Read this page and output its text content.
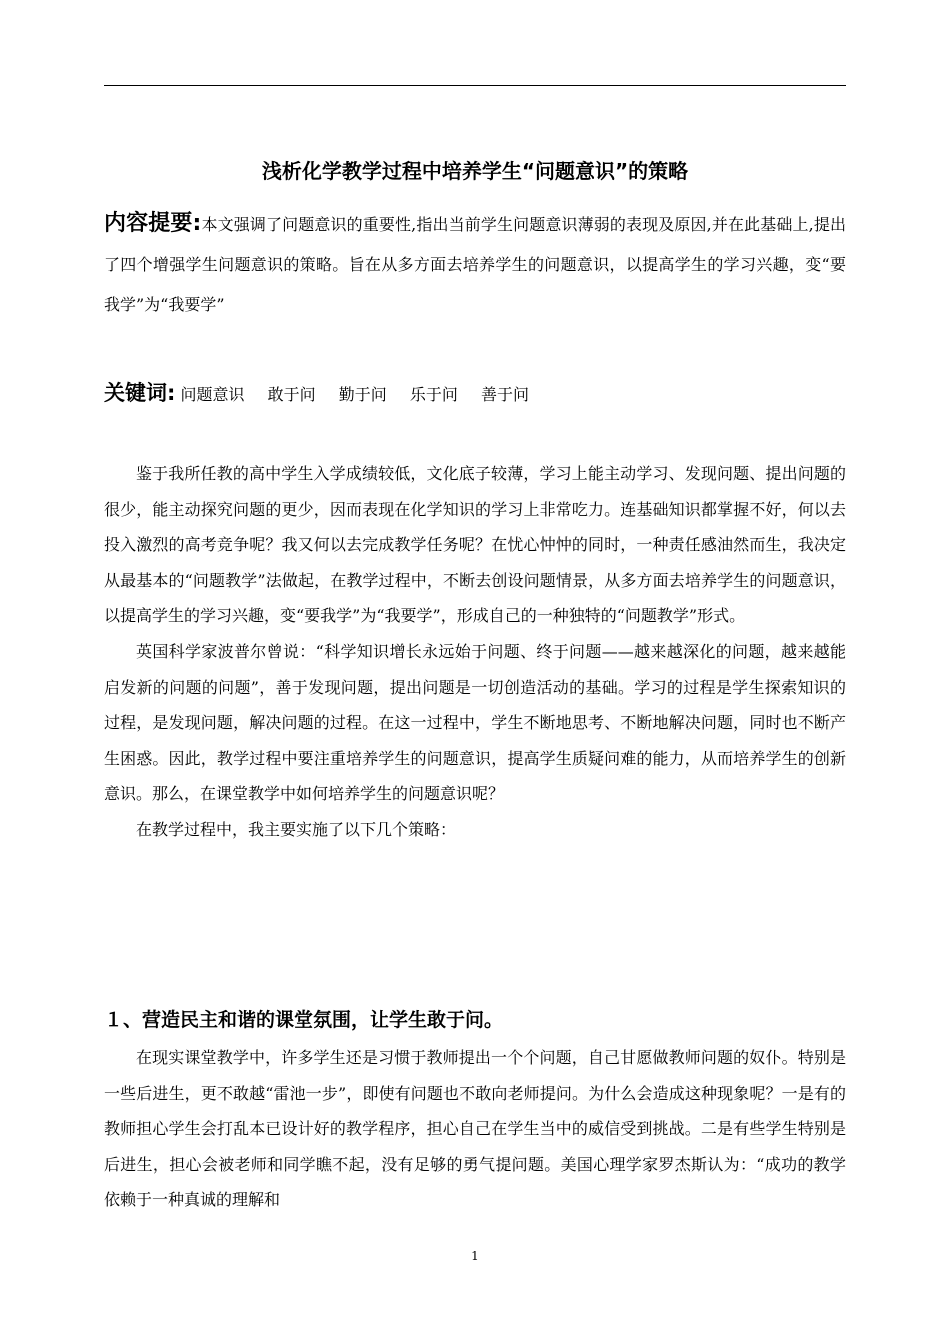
浅析化学教学过程中培养学生“问题意识”的策略
内容提要:本文强调了问题意识的重要性,指出当前学生问题意识薄弱的表现及原因,并在此基础上,提出了四个增强学生问题意识的策略。旨在从多方面去培养学生的问题意识，以提高学生的学习兴趣，变“要我学”为“我要学”
关键词: 问题意识 敢于问 勤于问 乐于问 善于问

鉴于我所任教的高中学生入学成绩较低，文化底子较薄，学习上能主动学习、发现问题、提出问题的很少，能主动探究问题的更少，因而表现在化学知识的学习上非常吃力。连基础知识都掌握不好，何以去投入激烈的高考竞争呢？我又何以去完成教学任务呢？在忧心忡忡的同时，一种责任感油然而生，我决定从最基本的“问题教学”法做起，在教学过程中，不断去创设问题情景，从多方面去培养学生的问题意识，以提高学生的学习兴趣，变“要我学”为“我要学”，形成自己的一种独特的“问题教学”形式。

英国科学家波普尔曾说：“科学知识增长永远始于问题、终于问题——越来越深化的问题，越来越能启发新的问题的问题”，善于发现问题，提出问题是一切创造活动的基础。学习的过程是学生探索知识的过程，是发现问题，解决问题的过程。在这一过程中，学生不断地思考、不断地解决问题，同时也不断产生困惑。因此，教学过程中要注重培养学生的问题意识，提高学生质疑问难的能力，从而培养学生的创新意识。那么，在课堂教学中如何培养学生的问题意识呢？

在教学过程中，我主要实施了以下几个策略：

１、营造民主和谐的课堂氛围，让学生敢于问。

在现实课堂教学中，许多学生还是习惯于教师提出一个个问题，自己甘愿做教师问题的奴仆。特别是一些后进生，更不敢越“雷池一步”，即使有问题也不敢向老师提问。为什么会造成这种现象呢？一是有的教师担心学生会打乱本已设计好的教学程序，担心自己在学生当中的威信受到挑战。二是有些学生特别是后进生，担心会被老师和同学瞧不起，没有足够的勇气提问题。美国心理学家罗杰斯认为：“成功的教学依赖于一种真诚的理解和

1
